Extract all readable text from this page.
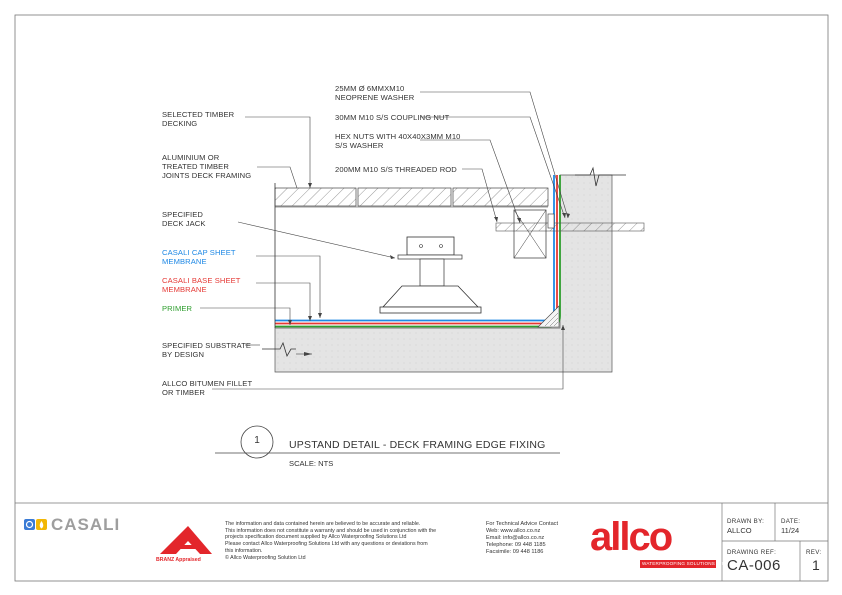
25MM Ø 6MMXM10
NEOPRENE WASHER
30MM M10 S/S COUPLING NUT
HEX NUTS WITH 40X40X3MM M10
S/S WASHER
200MM M10 S/S THREADED ROD
SELECTED TIMBER
DECKING
ALUMINIUM OR
TREATED TIMBER
JOINTS DECK FRAMING
SPECIFIED
DECK JACK
CASALI CAP SHEET
MEMBRANE
CASALI BASE SHEET
MEMBRANE
PRIMER
SPECIFIED SUBSTRATE
BY DESIGN
ALLCO BITUMEN FILLET
OR TIMBER
1	UPSTAND DETAIL - DECK FRAMING EDGE FIXING
SCALE: NTS
CASALI
BRANZ Appraised
The information and data contained herein are believed to be accurate and reliable.
This information does not constitute a warranty and should be used in conjunction with the
projects specification document supplied by Allco Waterproofing Solutions Ltd
Please contact Allco Waterproofing Solutions Ltd with any questions or deviations from
this information.
© Allco Waterproofing Solution Ltd
For Technical Advice Contact
Web: www.allco.co.nz
Email: info@allco.co.nz
Telephone: 09 448 1185
Facsimile: 09 448 1186	allco
WATERPROOFING SOLUTIONS LTD
DRAWN BY:
ALLCO
DATE:
11/24
DRAWING REF:
CA-006
REV:
1
